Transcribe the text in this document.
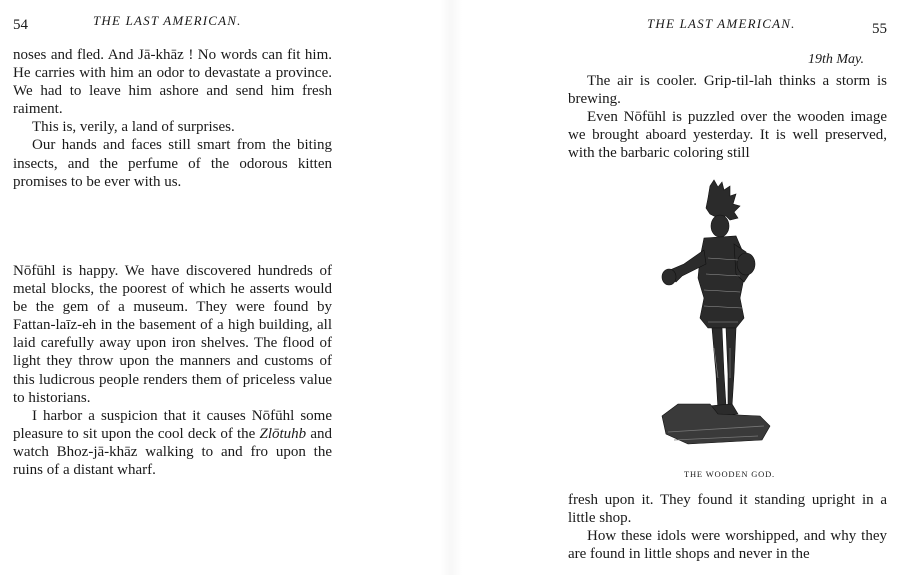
54	THE LAST AMERICAN.

noses and fled. And Jā-khāz ! No words can fit him. He carries with him an odor to devastate a province. We had to leave him ashore and send him fresh raiment.

This is, verily, a land of surprises.

Our hands and faces still smart from the biting insects, and the perfume of the odorous kitten promises to be ever with us.

Nōfūhl is happy. We have discovered hundreds of metal blocks, the poorest of which he asserts would be the gem of a museum. They were found by Fattan-laīz-eh in the basement of a high building, all laid carefully away upon iron shelves. The flood of light they throw upon the manners and customs of this ludicrous people renders them of priceless value to historians.

I harbor a suspicion that it causes Nōfūhl some pleasure to sit upon the cool deck of the Zlōtuhb and watch Bhoz-jā-khāz walking to and fro upon the ruins of a distant wharf.

THE LAST AMERICAN.	55
19th May.

The air is cooler. Grip-til-lah thinks a storm is brewing.

Even Nōfūhl is puzzled over the wooden image we brought aboard yesterday. It is well preserved, with the barbaric coloring still

THE WOODEN GOD.

fresh upon it. They found it standing upright in a little shop.

How these idols were worshipped, and why they are found in little shops and never in the
